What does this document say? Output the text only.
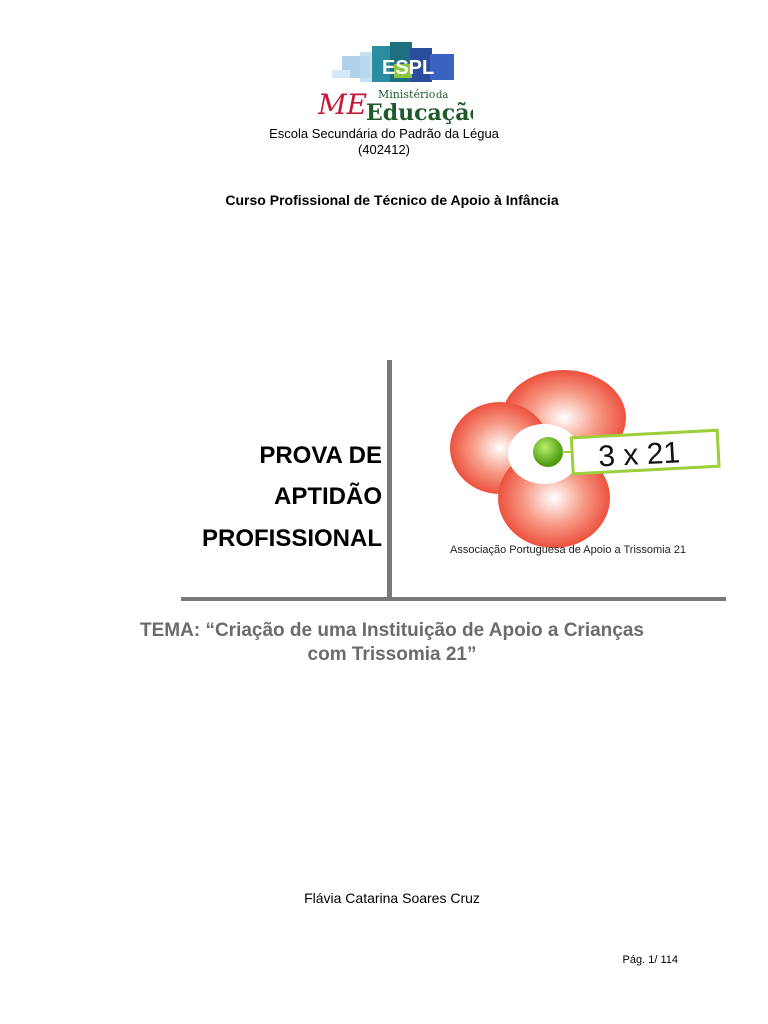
ESPL
ME Ministério da
Educação
Escola Secundária do Padrão da Légua
(402412)
Curso Profissional de Técnico de Apoio à Infância
PROVA DE
APTIDÃO
PROFISSIONAL
3 x 21
Associação Portuguesa de Apoio a Trissomia 21
TEMA: “Criação de uma Instituição de Apoio a Crianças
com Trissomia 21”
Flávia Catarina Soares Cruz
Pág. 1/ 114
